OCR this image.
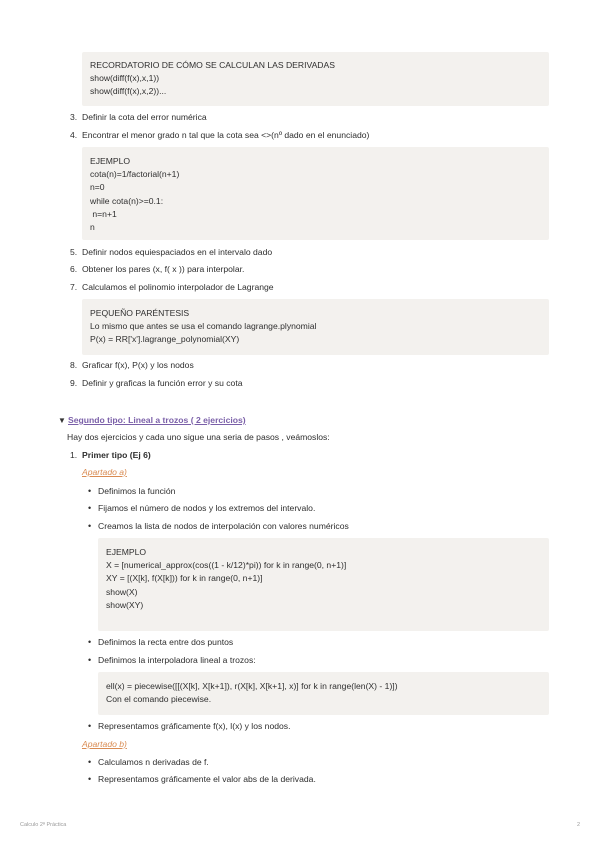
RECORDATORIO DE CÓMO SE CALCULAN LAS DERIVADAS
show(diff(f(x),x,1))
show(diff(f(x),x,2))...
3. Definir la cota del error numérica
4. Encontrar el menor grado n tal que la cota sea <>(nº dado en el enunciado)
EJEMPLO
cota(n)=1/factorial(n+1)
n=0
while cota(n)>=0.1:
n=n+1
n
5. Definir nodos equiespaciados en el intervalo dado
6. Obtener los pares (x, f( x )) para interpolar.
7. Calculamos el polinomio interpolador de Lagrange
PEQUEÑO PARÉNTESIS
Lo mismo que antes se usa el comando lagrange.plynomial
P(x) = RR['x'].lagrange_polynomial(XY)
8. Graficar f(x), P(x) y los nodos
9. Definir y graficas la función error y su cota
▼ Segundo tipo: Lineal a trozos ( 2 ejercicios)
Hay dos ejercicios y cada uno sigue una seria de pasos , veámoslos:
1. Primer tipo (Ej 6)
Apartado a)
• Definimos la función
• Fijamos el número de nodos y los extremos del intervalo.
• Creamos la lista de nodos de interpolación con valores numéricos
EJEMPLO
X = [numerical_approx(cos((1 - k/12)*pi)) for k in range(0, n+1)]
XY = [(X[k], f(X[k])) for k in range(0, n+1)]
show(X)
show(XY)
• Definimos la recta entre dos puntos
• Definimos la interpoladora lineal a trozos:
ell(x) = piecewise([[(X[k], X[k+1]), r(X[k], X[k+1], x)] for k in range(len(X) - 1)])
Con el comando piecewise.
• Representamos gráficamente f(x), l(x) y los nodos.
Apartado b)
• Calculamos n derivadas de f.
• Representamos gráficamente el valor abs de la derivada.
Calculo 2ª Práctica	2
